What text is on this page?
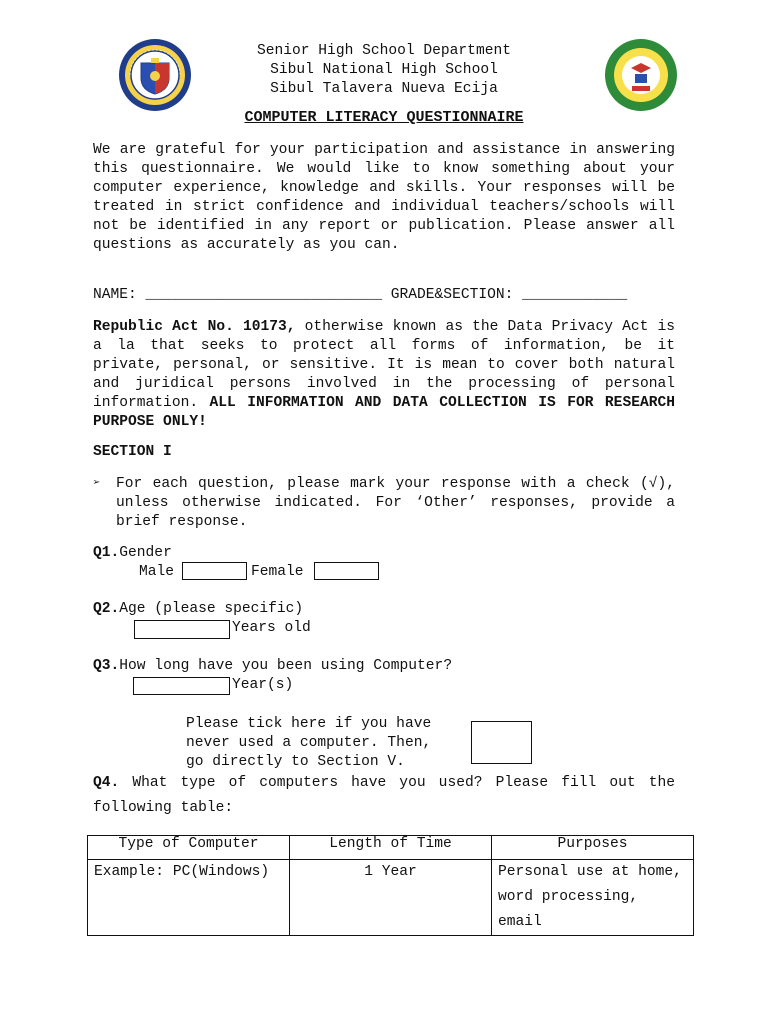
Senior High School Department
Sibul National High School
Sibul Talavera Nueva Ecija
COMPUTER LITERACY QUESTIONNAIRE
We are grateful for your participation and assistance in answering this questionnaire. We would like to know something about your computer experience, knowledge and skills. Your responses will be treated in strict confidence and individual teachers/schools will not be identified in any report or publication. Please answer all questions as accurately as you can.
NAME: ___________________________ GRADE&SECTION: ____________
Republic Act No. 10173, otherwise known as the Data Privacy Act is a la that seeks to protect all forms of information, be it private, personal, or sensitive. It is mean to cover both natural and juridical persons involved in the processing of personal information. ALL INFORMATION AND DATA COLLECTION IS FOR RESEARCH PURPOSE ONLY!
SECTION I
➢ For each question, please mark your response with a check (√), unless otherwise indicated. For ‘Other’ responses, provide a brief response.
Q1.Gender
Male	Female
Q2.Age (please specific)
Years old
Q3.How long have you been using Computer?
Year(s)
Please tick here if you have never used a computer. Then, go directly to Section V.
Q4. What type of computers have you used? Please fill out the following table:
Type of Computer	Length of Time	Purposes
Example: PC(Windows)	1 Year	Personal use at home, word processing, email
